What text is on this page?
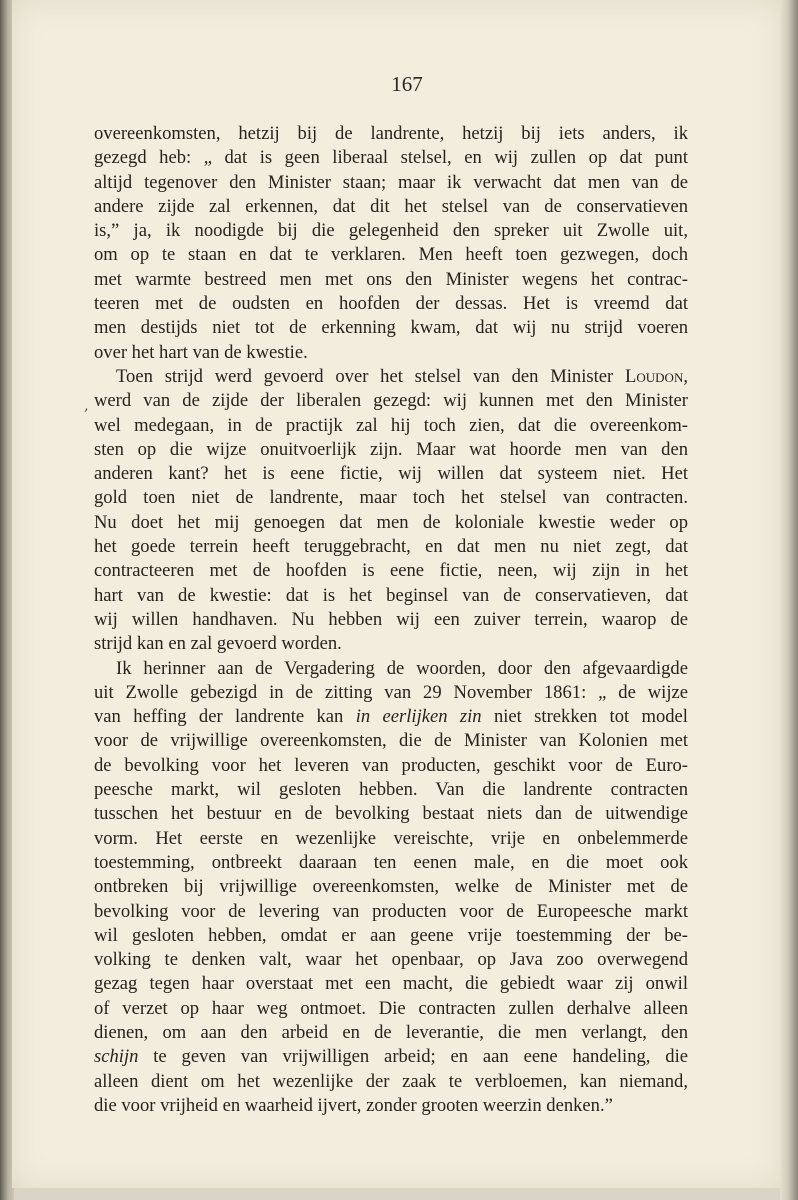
167
‚
overeenkomsten, hetzij bij de landrente, hetzij bij iets anders, ik
gezegd heb: „ dat is geen liberaal stelsel, en wij zullen op dat punt
altijd tegenover den Minister staan; maar ik verwacht dat men van de
andere zijde zal erkennen, dat dit het stelsel van de conservatieven
is,” ja, ik noodigde bij die gelegenheid den spreker uit Zwolle uit,
om op te staan en dat te verklaren. Men heeft toen gezwegen, doch
met warmte bestreed men met ons den Minister wegens het contrac-
teeren met de oudsten en hoofden der dessas. Het is vreemd dat
men destijds niet tot de erkenning kwam, dat wij nu strijd voeren
over het hart van de kwestie.
Toen strijd werd gevoerd over het stelsel van den Minister Loudon,
werd van de zijde der liberalen gezegd: wij kunnen met den Minister
wel medegaan, in de practijk zal hij toch zien, dat die overeenkom-
sten op die wijze onuitvoerlijk zijn. Maar wat hoorde men van den
anderen kant? het is eene fictie, wij willen dat systeem niet. Het
gold toen niet de landrente, maar toch het stelsel van contracten.
Nu doet het mij genoegen dat men de koloniale kwestie weder op
het goede terrein heeft teruggebracht, en dat men nu niet zegt, dat
contracteeren met de hoofden is eene fictie, neen, wij zijn in het
hart van de kwestie: dat is het beginsel van de conservatieven, dat
wij willen handhaven. Nu hebben wij een zuiver terrein, waarop de
strijd kan en zal gevoerd worden.
Ik herinner aan de Vergadering de woorden, door den afgevaardigde
uit Zwolle gebezigd in de zitting van 29 November 1861: „ de wijze
van heffing der landrente kan in eerlijken zin niet strekken tot model
voor de vrijwillige overeenkomsten, die de Minister van Kolonien met
de bevolking voor het leveren van producten, geschikt voor de Euro-
peesche markt, wil gesloten hebben. Van die landrente contracten
tusschen het bestuur en de bevolking bestaat niets dan de uitwendige
vorm. Het eerste en wezenlijke vereischte, vrije en onbelemmerde
toestemming, ontbreekt daaraan ten eenen male, en die moet ook
ontbreken bij vrijwillige overeenkomsten, welke de Minister met de
bevolking voor de levering van producten voor de Europeesche markt
wil gesloten hebben, omdat er aan geene vrije toestemming der be-
volking te denken valt, waar het openbaar, op Java zoo overwegend
gezag tegen haar overstaat met een macht, die gebiedt waar zij onwil
of verzet op haar weg ontmoet. Die contracten zullen derhalve alleen
dienen, om aan den arbeid en de leverantie, die men verlangt, den
schijn te geven van vrijwilligen arbeid; en aan eene handeling, die
alleen dient om het wezenlijke der zaak te verbloemen, kan niemand,
die voor vrijheid en waarheid ijvert, zonder grooten weerzin denken.”
